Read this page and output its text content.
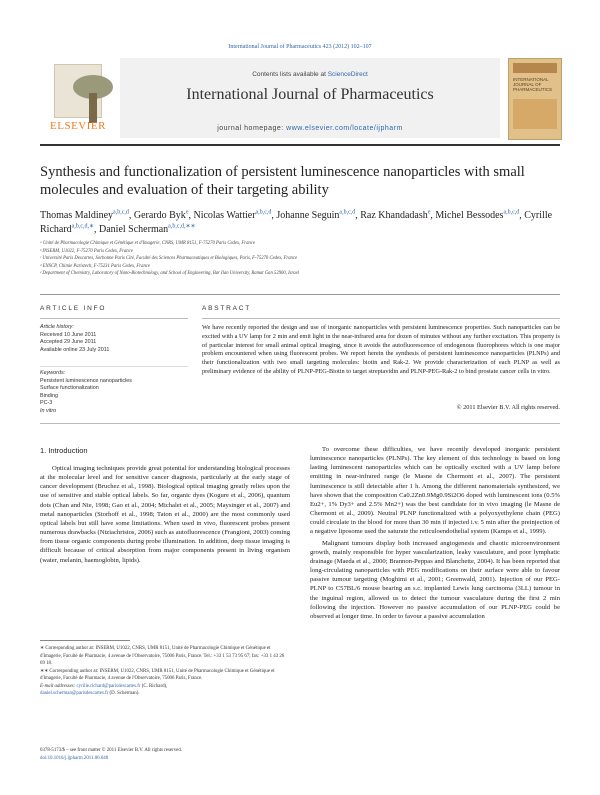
International Journal of Pharmaceutics 423 (2012) 102–107
ELSEVIER
Contents lists available at ScienceDirect
International Journal of Pharmaceutics
journal homepage: www.elsevier.com/locate/ijpharm
INTERNATIONAL JOURNAL OF PHARMACEUTICS
Synthesis and functionalization of persistent luminescence nanoparticles with small molecules and evaluation of their targeting ability
Thomas Maldiney$^{a,b,c,d}$, Gerardo Byk$^e$, Nicolas Wattier$^{a,b,c,d}$, Johanne Seguin$^{a,b,c,d}$, Raz Khandadash$^e$, Michel Bessodes$^{a,b,c,d}$, Cyrille Richard$^{a,b,c,d,∗}$, Daniel Scherman$^{a,b,c,d,∗∗}$
ᵃ Unité de Pharmacologie Chimique et Génétique et d'Imagerie, CNRS, UMR 8151, F-75270 Paris Cedex, France
ᵇ INSERM, U1022, F-75270 Paris Cedex, France
ᶜ Université Paris Descartes, Sorbonne Paris Cité, Faculté des Sciences Pharmaceutiques et Biologiques, Paris, F-75270 Cedex, France
ᵈ ENSCP, Chimie Paristech, F-75231 Paris Cedex, France
ᵉ Department of Chemistry, Laboratory of Nano-Biotechnology, and School of Engineering, Bar Ilan University, Ramat Gan 52900, Israel
ARTICLE INFO	ABSTRACT
Article history:
Received 10 June 2011
Accepted 29 June 2011
Available online 23 July 2011
Keywords:
Persistent luminescence nanoparticles
Surface functionalization
Binding
PC-3
In vitro
We have recently reported the design and use of inorganic nanoparticles with persistent luminescence properties. Such nanoparticles can be excited with a UV lamp for 2 min and emit light in the near-infrared area for dozen of minutes without any further excitation. This property is of particular interest for small animal optical imaging, since it avoids the autofluorescence of endogenous fluorophores which is one major problem encountered when using fluorescent probes. We report herein the synthesis of persistent luminescence nanoparticles (PLNPs) and their functionalization with two small targeting molecules: biotin and Rak-2. We provide characterization of each PLNP as well as preliminary evidence of the ability of PLNP-PEG-Biotin to target streptavidin and PLNP-PEG-Rak-2 to bind prostate cancer cells in vitro.
© 2011 Elsevier B.V. All rights reserved.
1. Introduction
Optical imaging techniques provide great potential for understanding biological processes at the molecular level and for sensitive cancer diagnosis, particularly at the early stage of cancer development (Bruchez et al., 1998). Biological optical imaging greatly relies upon the use of sensitive and stable optical labels. So far, organic dyes (Kogure et al., 2006), quantum dots (Chan and Nie, 1998; Gao et al., 2004; Michalet et al., 2005; Maysinger et al., 2007) and metal nanoparticles (Storhoff et al., 1998; Taton et al., 2000) are the most commonly used optical labels but still have some limitations. When used in vivo, fluorescent probes present numerous drawbacks (Ntziachristos, 2006) such as autofluorescence (Frangioni, 2003) coming from tissue organic components during probe illumination. In addition, deep tissue imaging is difficult because of critical absorption from major components present in living organism (water, melanin, haemoglobin, lipids).
To overcome these difficulties, we have recently developed inorganic persistent luminescence nanoparticles (PLNPs). The key element of this technology is based on long lasting luminescent nanoparticles which can be optically excited with a UV lamp before emitting in near-infrared range (le Masne de Chermont et al., 2007). The persistent luminescence is still detectable after 1 h. Among the different nanomaterials synthesized, we have shown that the composition Ca0.2Zn0.9Mg0.9Si2O6 doped with luminescent ions (0.5% Eu2+, 1% Dy3+ and 2.5% Mn2+) was the best candidate for in vivo imaging (le Masne de Chermont et al., 2009). Neutral PLNP functionalized with a polyoxyethylene chain (PEG) could circulate in the blood for more than 30 min if injected i.v. 5 min after the preinjection of a negative liposome used the saturate the reticuloendothelial system (Kamps et al., 1999).
Malignant tumours display both increased angiogenesis and chaotic microenvironment growth, mainly responsible for hyper vascularization, leaky vasculature, and poor lymphatic drainage (Maeda et al., 2000; Brannon-Peppas and Blanchette, 2004). It has been reported that long-circulating nanoparticles with PEG modifications on their surface were able to favour passive tumour targeting (Moghimi et al., 2001; Greenwald, 2001). Injection of our PEG-PLNP to C57BL/6 mouse bearing an s.c. implanted Lewis lung carcinoma (3LL) tumour in the inguinal region, allowed us to detect the tumour vasculature during the first 2 min following the injection. However no passive accumulation of our PLNP-PEG could be observed at longer time. In order to favour a passive accumulation
∗ Corresponding author at: INSERM, U1022, CNRS, UMR 8151, Unité de Pharmacologie Chimique et Génétique et d'Imagerie, Faculté de Pharmacie, 4 avenue de l'Observatoire, 75006 Paris, France. Tel.: +33 1 53 73 95 67; fax: +33 1 43 26 69 18.
∗∗ Corresponding author at: INSERM, U1022, CNRS, UMR 8151, Unité de Pharmacologie Chimique et Génétique et d'Imagerie, Faculté de Pharmacie, 4 avenue de l'Observatoire, 75006 Paris, France.
E-mail addresses: cyrille.richard@parisdescartes.fr (C. Richard),
daniel.scherman@parisdescartes.fr (D. Scherman).
0378-5173/$ – see front matter © 2011 Elsevier B.V. All rights reserved.
doi:10.1016/j.ijpharm.2011.06.048
